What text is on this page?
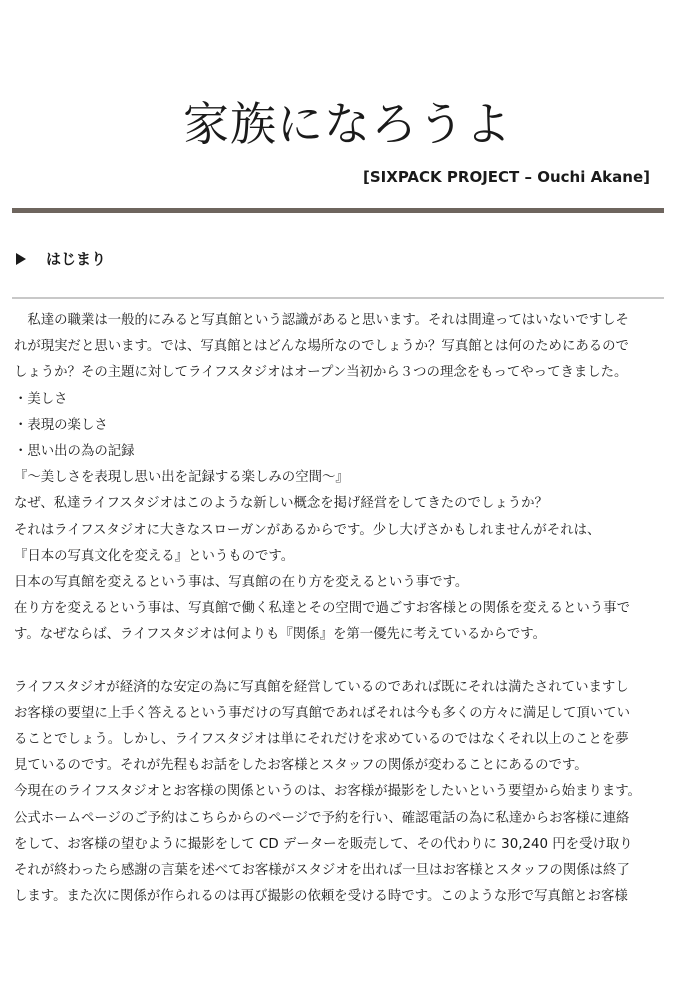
家族になろうよ

[SIXPACK PROJECT – Ouchi Akane]

はじまり

　私達の職業は一般的にみると写真館という認識があると思います。それは間違ってはいないですしそ

れが現実だと思います。では、写真館とはどんな場所なのでしょうか？写真館とは何のためにあるので

しょうか？その主題に対してライフスタジオはオープン当初から３つの理念をもってやってきました。

・美しさ

・表現の楽しさ

・思い出の為の記録

『～美しさを表現し思い出を記録する楽しみの空間～』

なぜ、私達ライフスタジオはこのような新しい概念を掲げ経営をしてきたのでしょうか？

それはライフスタジオに大きなスローガンがあるからです。少し大げさかもしれませんがそれは、

『日本の写真文化を変える』というものです。

日本の写真館を変えるという事は、写真館の在り方を変えるという事です。

在り方を変えるという事は、写真館で働く私達とその空間で過ごすお客様との関係を変えるという事で

す。なぜならば、ライフスタジオは何よりも『関係』を第一優先に考えているからです。

ライフスタジオが経済的な安定の為に写真館を経営しているのであれば既にそれは満たされていますし

お客様の要望に上手く答えるという事だけの写真館であればそれは今も多くの方々に満足して頂いてい

ることでしょう。しかし、ライフスタジオは単にそれだけを求めているのではなくそれ以上のことを夢

見ているのです。それが先程もお話をしたお客様とスタッフの関係が変わることにあるのです。

今現在のライフスタジオとお客様の関係というのは、お客様が撮影をしたいという要望から始まります。

公式ホームページのご予約はこちらからのページで予約を行い、確認電話の為に私達からお客様に連絡

をして、お客様の望むように撮影をして CD データーを販売して、その代わりに 30,240 円を受け取り

それが終わったら感謝の言葉を述べてお客様がスタジオを出れば一旦はお客様とスタッフの関係は終了

します。また次に関係が作られるのは再び撮影の依頼を受ける時です。このような形で写真館とお客様
